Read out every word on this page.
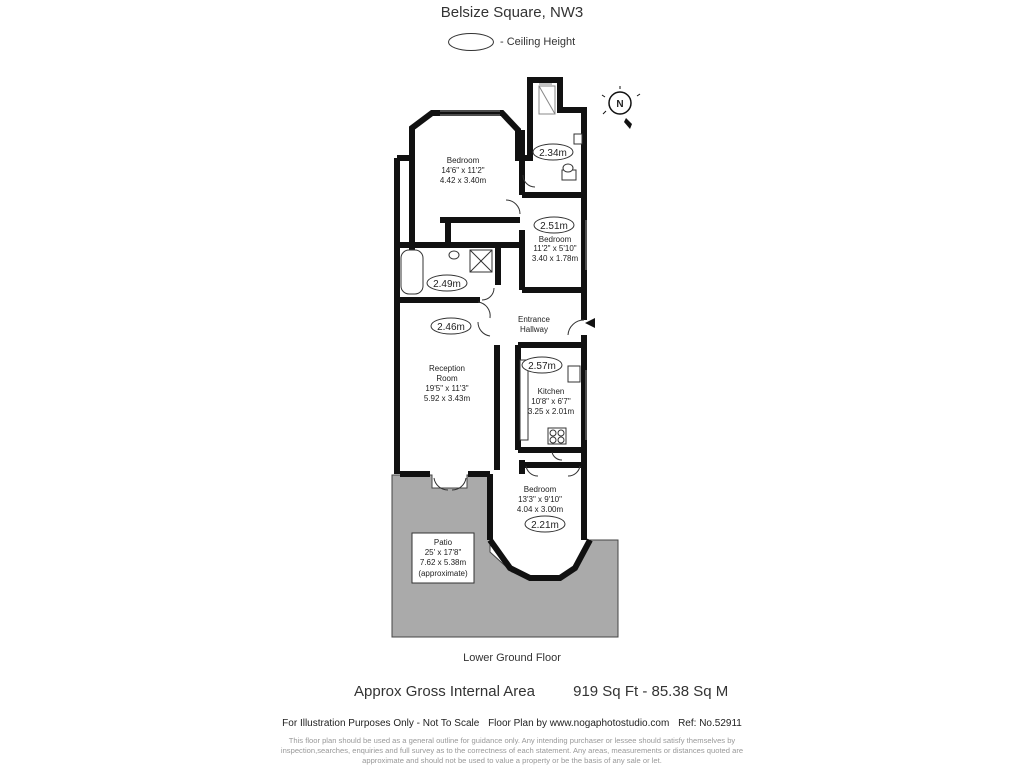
Belsize Square, NW3
- Ceiling Height
N
Bedroom
14'6" x 11'2"
4.42 x 3.40m
Bedroom
11'2" x 5'10"
3.40 x 1.78m
Entrance
Hallway
Reception
Room
19'5" x 11'3"
5.92 x 3.43m
Kitchen
10'8" x 6'7"
3.25 x 2.01m
Bedroom
13'3" x 9'10"
4.04 x 3.00m
Patio
25' x 17'8"
7.62 x 5.38m
(approximate)
2.34m
2.51m
2.49m
2.46m
2.57m
2.21m
Lower Ground Floor
Approx Gross Internal Area	919 Sq Ft - 85.38 Sq M
For Illustration Purposes Only - Not To Scale Floor Plan by www.nogaphotostudio.com Ref: No.52911
This floor plan should be used as a general outline for guidance only. Any intending purchaser or lessee should satisfy themselves by inspection,searches, enquiries and full survey as to the correctness of each statement. Any areas, measurements or distances quoted are approximate and should not be used to value a property or be the basis of any sale or let.
